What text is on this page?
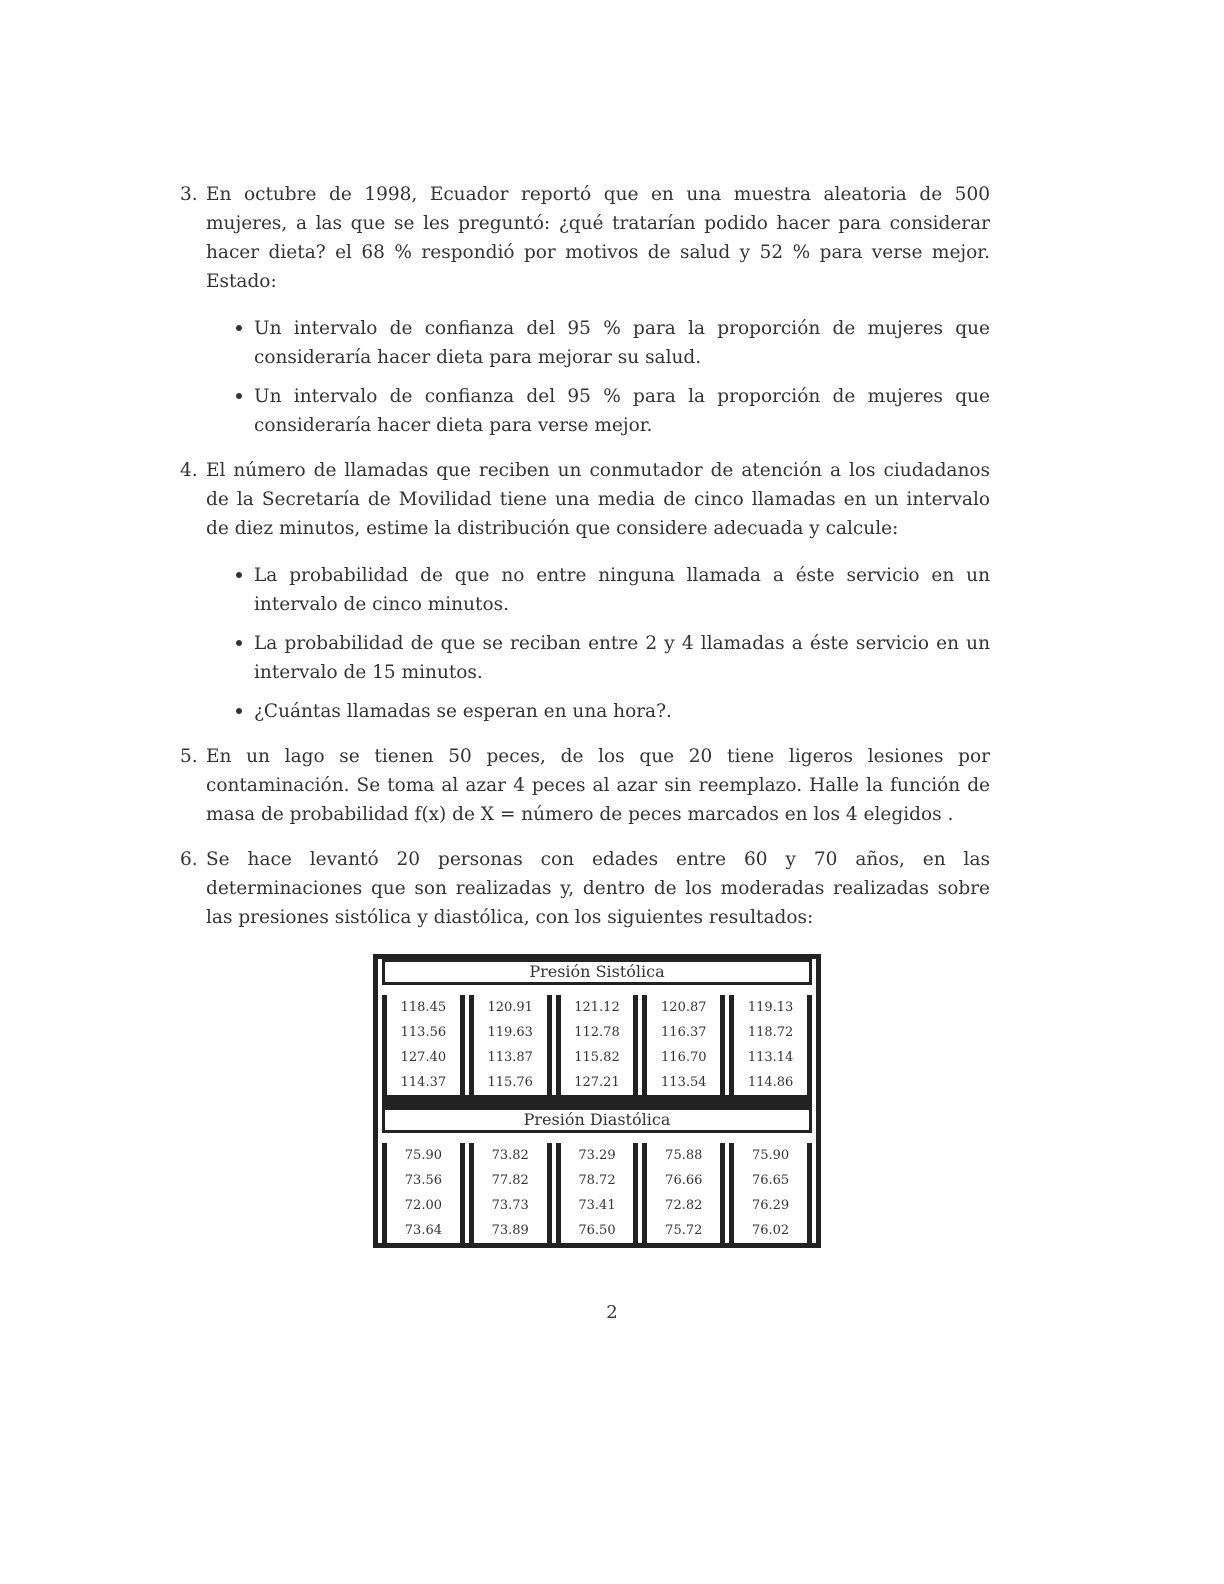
3. En octubre de 1998, Ecuador reportó que en una muestra aleatoria de 500 mujeres, a las que se les preguntó: ¿qué tratarían podido hacer para considerar hacer dieta? el 68 % respondió por motivos de salud y 52 % para verse mejor. Estado:
Un intervalo de confianza del 95 % para la proporción de mujeres que consideraría hacer dieta para mejorar su salud.
Un intervalo de confianza del 95 % para la proporción de mujeres que consideraría hacer dieta para verse mejor.
4. El número de llamadas que reciben un conmutador de atención a los ciudadanos de la Secretaría de Movilidad tiene una media de cinco llamadas en un intervalo de diez minutos, estime la distribución que considere adecuada y calcule:
La probabilidad de que no entre ninguna llamada a éste servicio en un intervalo de cinco minutos.
La probabilidad de que se reciban entre 2 y 4 llamadas a éste servicio en un intervalo de 15 minutos.
¿Cuántas llamadas se esperan en una hora?.
5. En un lago se tienen 50 peces, de los que 20 tiene ligeros lesiones por contaminación. Se toma al azar 4 peces al azar sin reemplazo. Halle la función de masa de probabilidad f(x) de X = número de peces marcados en los 4 elegidos .
6. Se hace levantó 20 personas con edades entre 60 y 70 años, en las determinaciones que son realizadas y, dentro de los moderadas realizadas sobre las presiones sistólica y diastólica, con los siguientes resultados:
Presión Sistólica				

118.45	120.91	121.12	120.87	119.13
113.56	119.63	112.78	116.37	118.72
127.40	113.87	115.82	116.70	113.14
114.37	115.76	127.21	113.54	114.86

Presión Diastólica				

75.90	73.82	73.29	75.88	75.90
73.56	77.82	78.72	76.66	76.65
72.00	73.73	73.41	72.82	76.29
73.64	73.89	76.50	75.72	76.02
2
